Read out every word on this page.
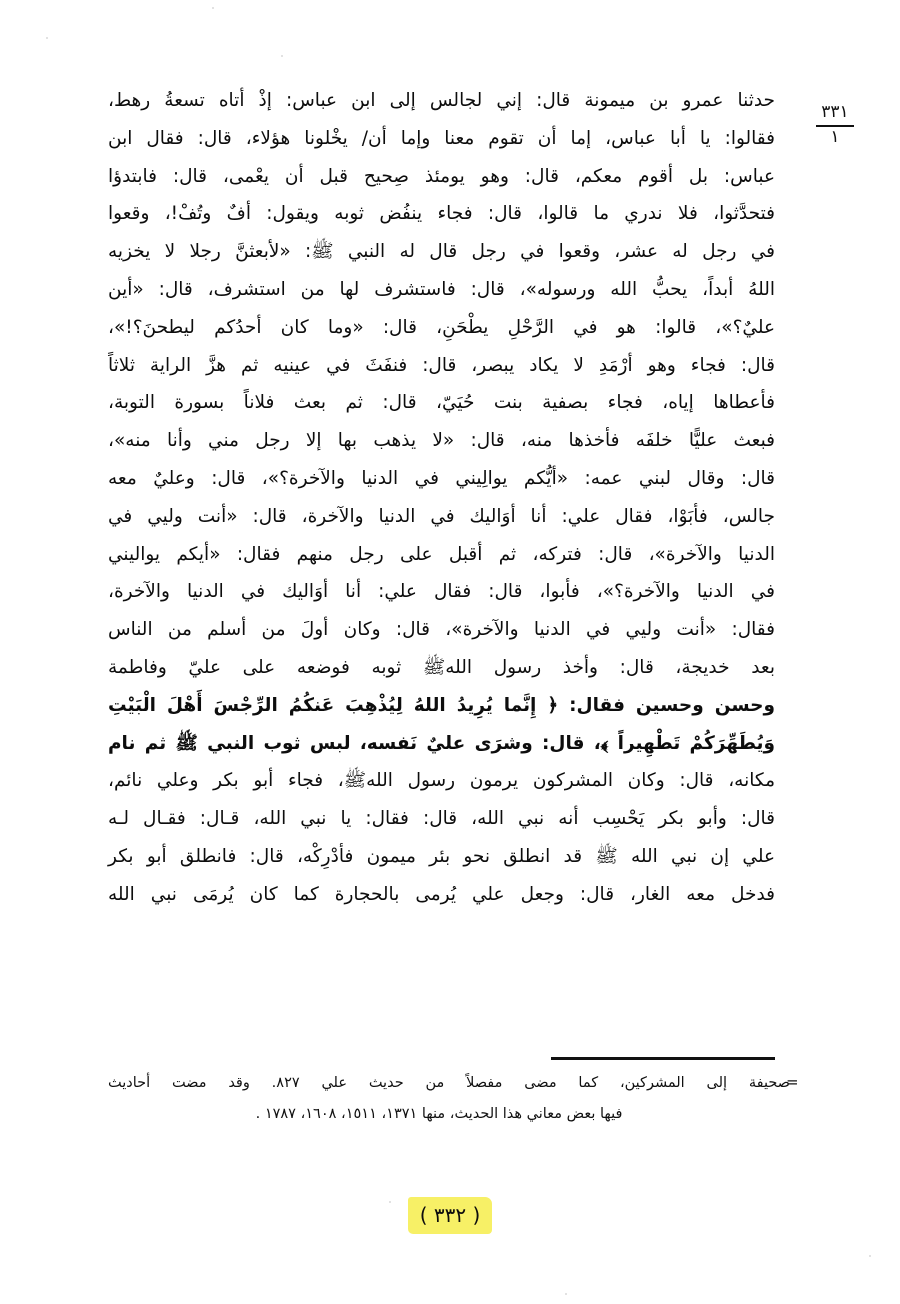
٣٣١
١
حدثنا عمرو بن ميمونة قال: إني لجالس إلى ابن عباس: إذْ أتاه تسعةُ رهط،
فقالوا: يا أبا عباس، إما أن تقوم معنا وإما أن/ يخْلونا هؤلاء، قال: فقال ابن
عباس: بل أقوم معكم، قال: وهو يومئذ صِحيح قبل أن يعْمى، قال: فابتدؤا
فتحدَّثوا، فلا ندري ما قالوا، قال: فجاء ينفُض ثوبه ويقول: أفٌ وتُفْ!، وقعوا
في رجل له عشر، وقعوا في رجل قال له النبي ﷺ: «لأبعثنَّ رجلا لا يخزيه
اللهُ أبداً، يحبُّ الله ورسوله»، قال: فاستشرف لها من استشرف، قال: «أين
عليٌ؟»، قالوا: هو في الرَّحْلِ يطْحَنِ، قال: «وما كان أحدُكم ليطحنَ؟!»،
قال: فجاء وهو أرْمَدِ لا يكاد يبصر، قال: فنفَثَ في عينيه ثم هزَّ الراية ثلاثاً
فأعطاها إياه، فجاء بصفية بنت حُيَيّ، قال: ثم بعث فلاناً بسورة التوبة،
فبعث عليًّا خلفَه فأخذها منه، قال: «لا يذهب بها إلا رجل مني وأنا منه»،
قال: وقال لبني عمه: «أيُّكم يوالِيني في الدنيا والآخرة؟»، قال: وعليٌ معه
جالس، فأبَوْا، فقال علي: أنا أوَاليك في الدنيا والآخرة، قال: «أنت وليي في
الدنيا والآخرة»، قال: فتركه، ثم أقبل على رجل منهم فقال: «أيكم يواليني
في الدنيا والآخرة؟»، فأبوا، قال: فقال علي: أنا أوَاليك في الدنيا والآخرة،
فقال: «أنت وليي في الدنيا والآخرة»، قال: وكان أولَ من أسلم من الناس
بعد خديجة، قال: وأخذ رسول اللهﷺ ثوبه فوضعه على عليّ وفاطمة
وحسن وحسين فقال: ﴿ إِنَّما يُرِيدُ اللهُ لِيُذْهِبَ عَنكُمُ الرِّجْسَ أَهْلَ الْبَيْتِ
وَيُطَهِّرَكُمْ تَطْهِيراً ﴾، قال: وشرَى عليٌ نَفسه، لبس ثوب النبي ﷺ ثم نام
مكانه، قال: وكان المشركون يرمون رسول اللهﷺ، فجاء أبو بكر وعلي نائم،
قال: وأبو بكر يَحْسِب أنه نبي الله، قال: فقال: يا نبي الله، قـال: فقـال لـه
علي إن نبي الله ﷺ قد انطلق نحو بئر ميمون فأدْرِكْه، قال: فانطلق أبو بكر
فدخل معه الغار، قال: وجعل علي يُرمى بالحجارة كما كان يُرمَى نبي الله
=
صحيفة إلى المشركين، كما مضى مفصلاً من حديث علي ٨٢٧. وقد مضت أحاديث
فيها بعض معاني هذا الحديث، منها ١٣٧١، ١٥١١، ١٦٠٨، ١٧٨٧ .
( ٣٣٢ )
